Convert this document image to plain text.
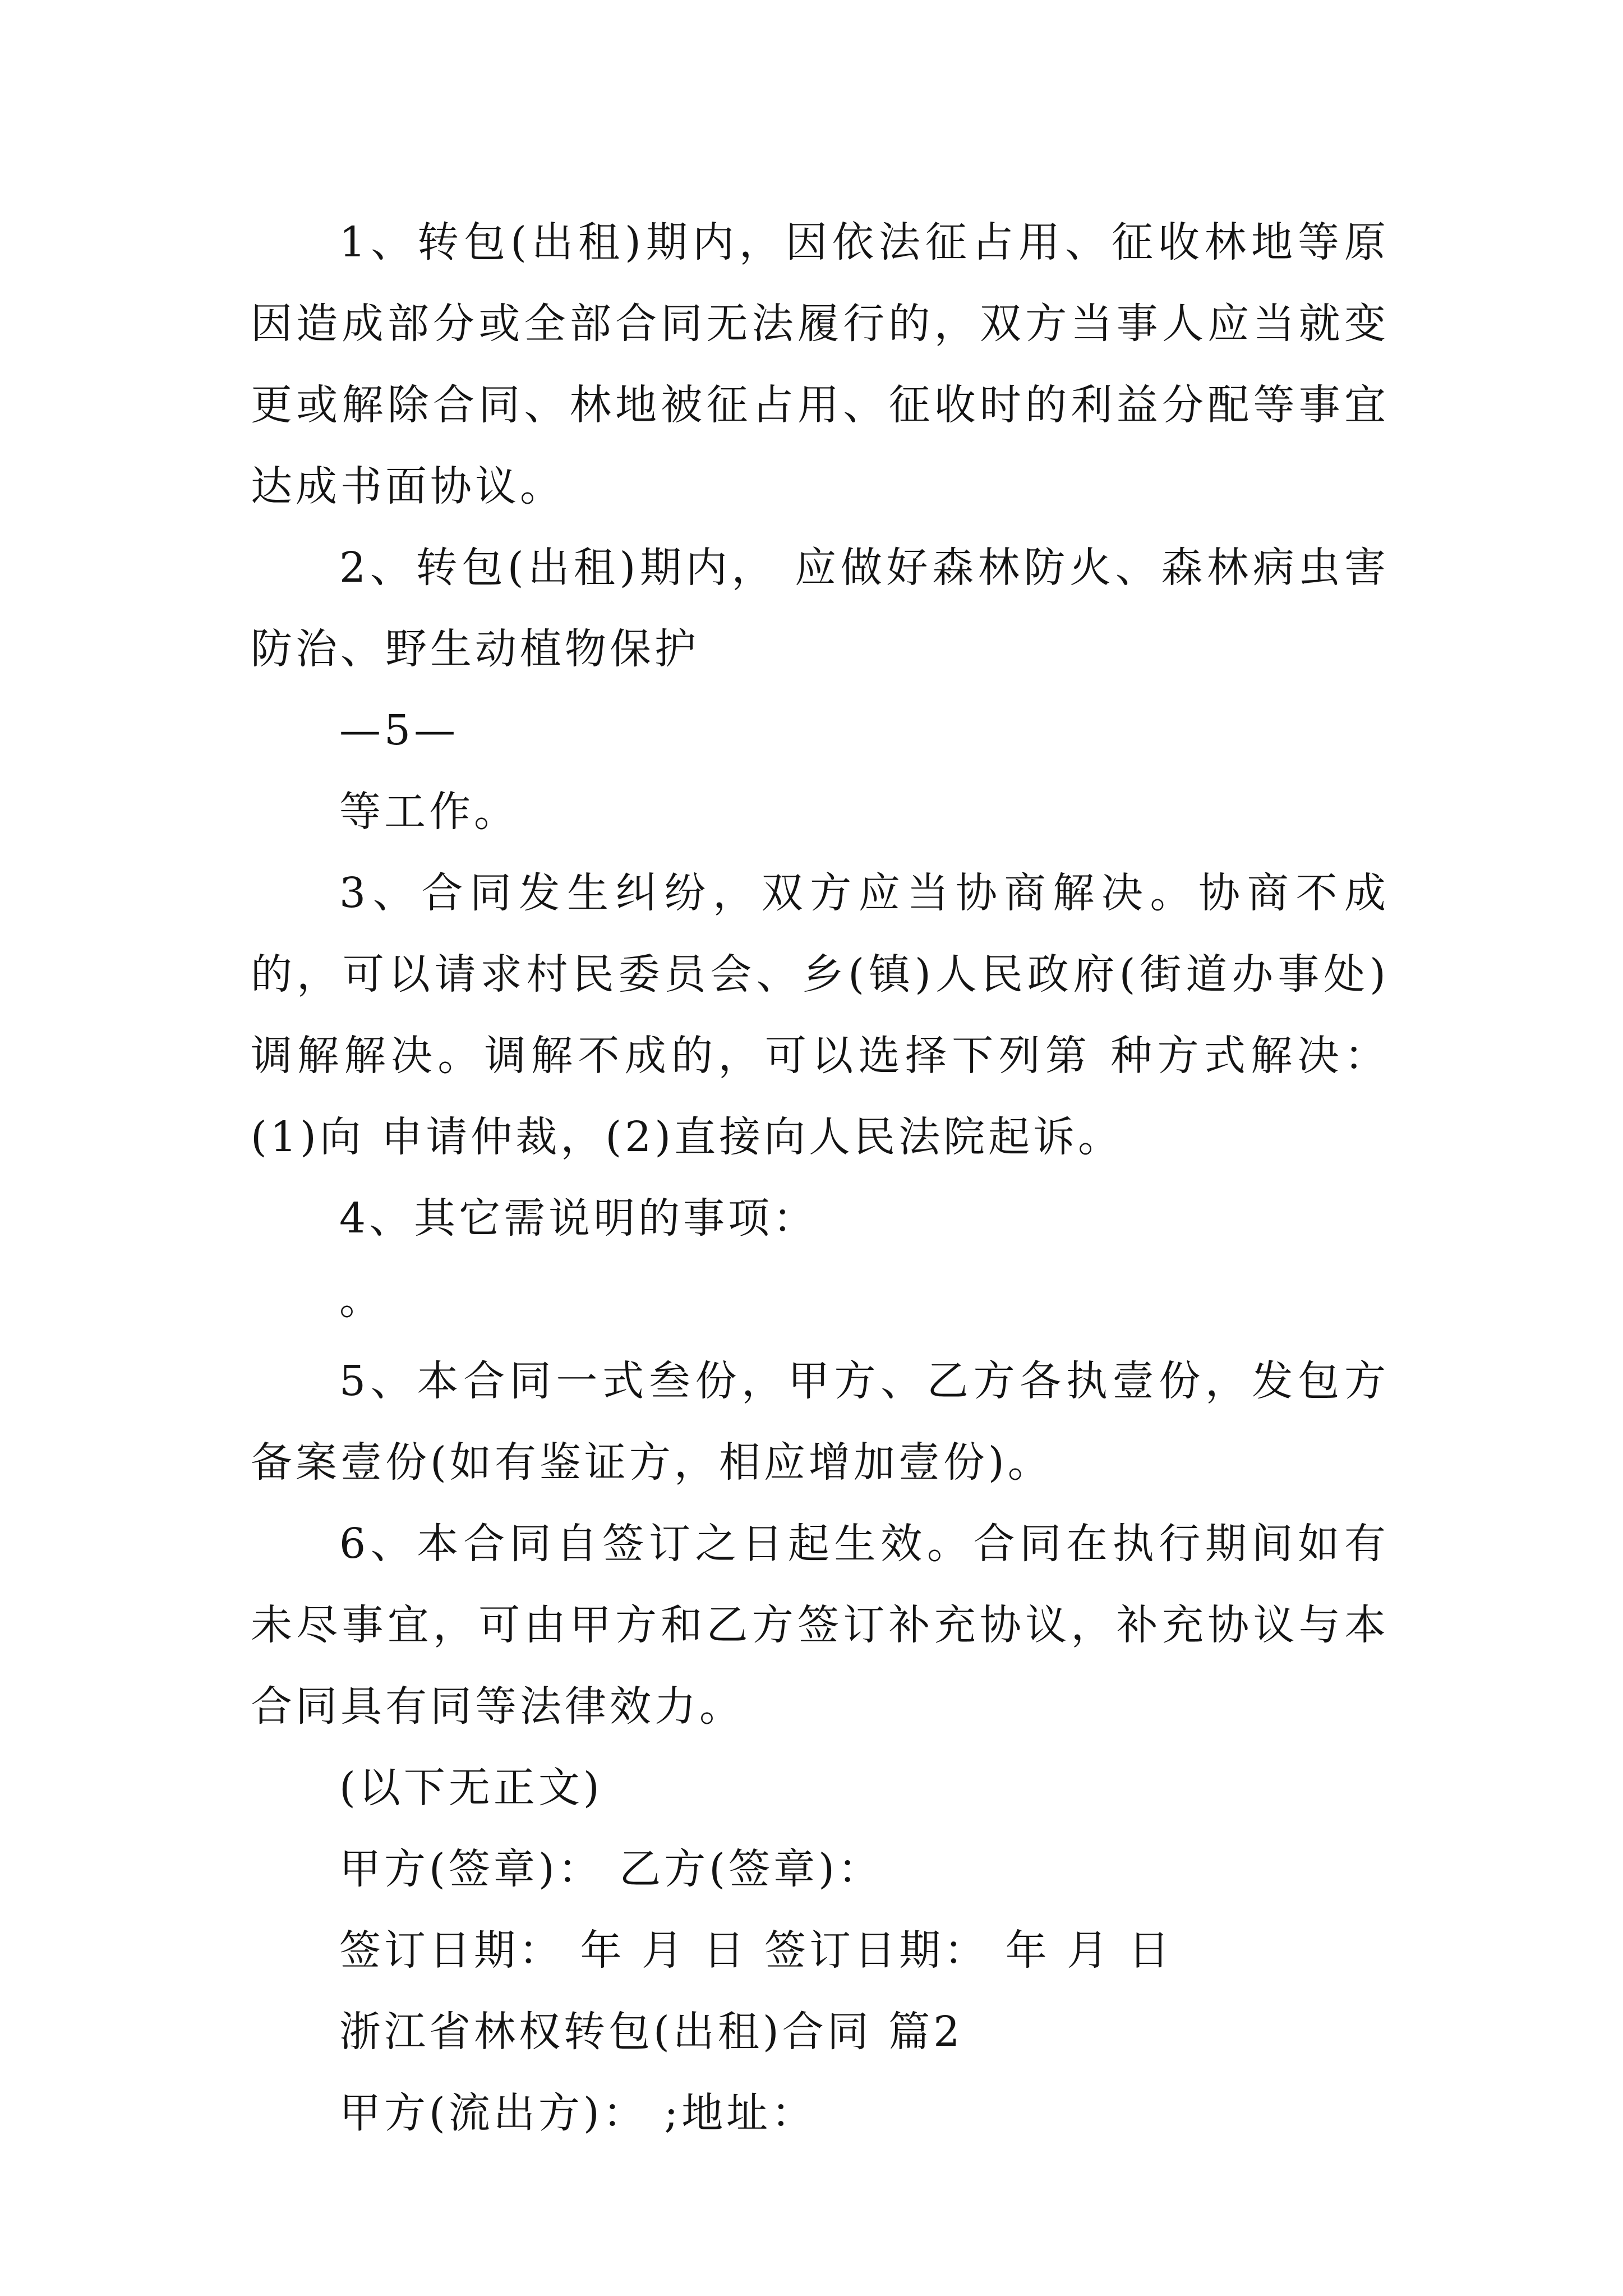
1、转包(出租)期内，因依法征占用、征收林地等原因造成部分或全部合同无法履行的，双方当事人应当就变更或解除合同、林地被征占用、征收时的利益分配等事宜达成书面协议。

2、转包(出租)期内， 应做好森林防火、森林病虫害防治、野生动植物保护

—5—

等工作。

3、合同发生纠纷，双方应当协商解决。协商不成的，可以请求村民委员会、乡(镇)人民政府(街道办事处)调解解决。调解不成的，可以选择下列第 种方式解决：(1)向 申请仲裁，(2)直接向人民法院起诉。

4、其它需说明的事项：

。

5、本合同一式叁份，甲方、乙方各执壹份，发包方备案壹份(如有鉴证方，相应增加壹份)。

6、本合同自签订之日起生效。合同在执行期间如有未尽事宜，可由甲方和乙方签订补充协议，补充协议与本合同具有同等法律效力。

(以下无正文)

甲方(签章)： 乙方(签章)：

签订日期： 年 月 日 签订日期： 年 月 日

浙江省林权转包(出租)合同 篇2

甲方(流出方)： ;地址：
